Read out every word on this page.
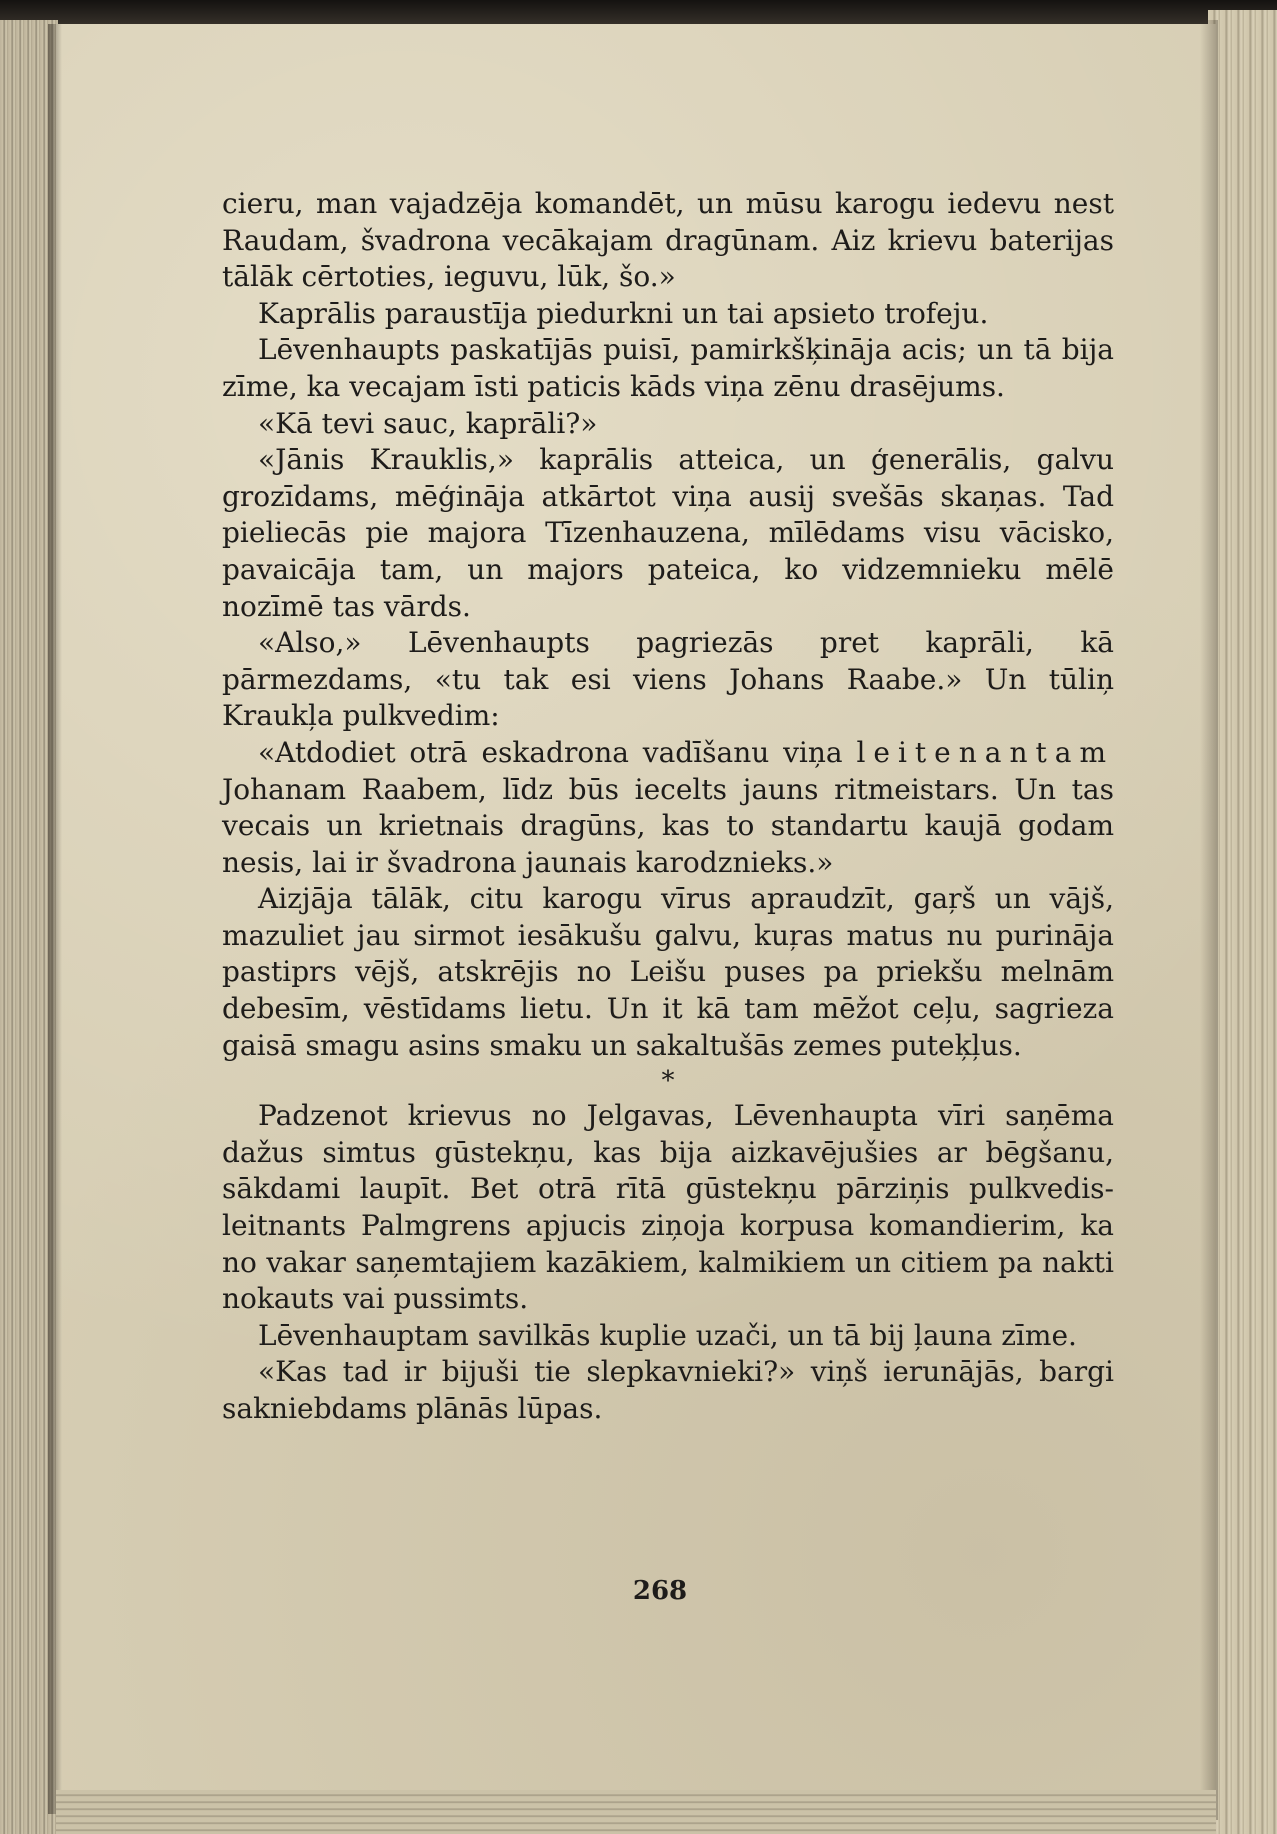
cieru, man vajadzēja komandēt, un mūsu karogu iedevu nest Raudam, švadrona vecākajam dragūnam. Aiz krievu baterijas tālāk cērtoties, ieguvu, lūk, šo.»

Kaprālis paraustīja piedurkni un tai apsieto trofeju.

Lēvenhaupts paskatījās puisī, pamirkšķināja acis; un tā bija zīme, ka vecajam īsti paticis kāds viņa zēnu drasējums.

«Kā tevi sauc, kaprāli?»

«Jānis Krauklis,» kaprālis atteica, un ģenerālis, galvu grozīdams, mēģināja atkārtot viņa ausij svešās skaņas. Tad pieliecās pie majora Tīzenhauzena, mīlēdams visu vācisko, pavaicāja tam, un majors pateica, ko vidzemnieku mēlē nozīmē tas vārds.

«Also,» Lēvenhaupts pagriezās pret kaprāli, kā pārmezdams, «tu tak esi viens Johans Raabe.» Un tūliņ Kraukļa pulkvedim:

«Atdodiet otrā eskadrona vadīšanu viņa leitenantam Johanam Raabem, līdz būs iecelts jauns ritmeistars. Un tas vecais un krietnais dragūns, kas to standartu kaujā godam nesis, lai ir švadrona jaunais karodznieks.»

Aizjāja tālāk, citu karogu vīrus apraudzīt, gaŗš un vājš, mazuliet jau sirmot iesākušu galvu, kuŗas matus nu purināja pastiprs vējš, atskrējis no Leišu puses pa priekšu melnām debesīm, vēstīdams lietu. Un it kā tam mēžot ceļu, sagrieza gaisā smagu asins smaku un sakaltušās zemes puteķļus.

*

Padzenot krievus no Jelgavas, Lēvenhaupta vīri saņēma dažus simtus gūstekņu, kas bija aizkavējušies ar bēgšanu, sākdami laupīt. Bet otrā rītā gūstekņu pārziņis pulkvedis-leitnants Palmgrens apjucis ziņoja korpusa komandierim, ka no vakar saņemtajiem kazākiem, kalmikiem un citiem pa nakti nokauts vai pussimts.

Lēvenhauptam savilkās kuplie uzači, un tā bij ļauna zīme.

«Kas tad ir bijuši tie slepkavnieki?» viņš ierunājās, bargi sakniebdams plānās lūpas.

268
